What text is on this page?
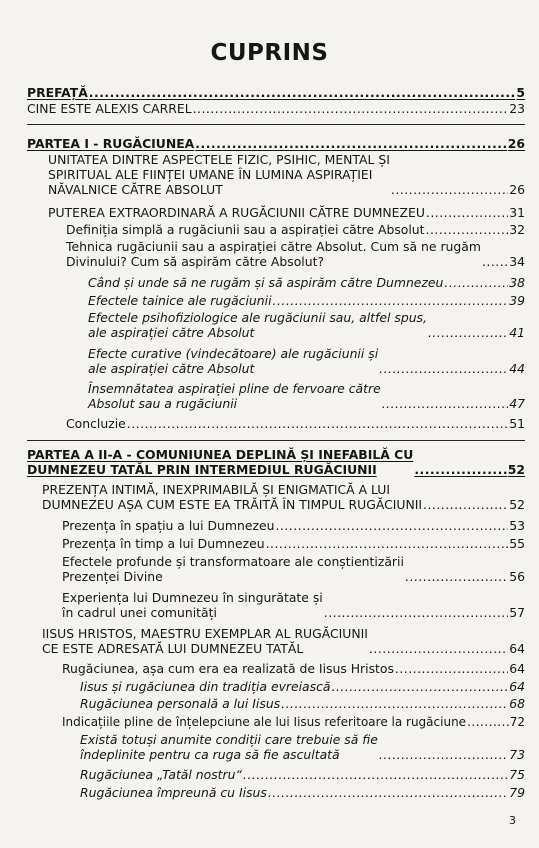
CUPRINS
PREFAȚĂ .....	5
CINE ESTE ALEXIS CARREL .....	23
PARTEA I - RUGĂCIUNEA .....	26
UNITATEA DINTRE ASPECTELE FIZIC, PSIHIC, MENTAL ȘI
SPIRITUAL ALE FIINȚEI UMANE ÎN LUMINA ASPIRAȚIEI
NĂVALNICE CĂTRE ABSOLUT .....	26
PUTEREA EXTRAORDINARĂ A RUGĂCIUNII CĂTRE DUMNEZEU .....	31
Definiția simplă a rugăciunii sau a aspirației către Absolut .....	32
Tehnica rugăciunii sau a aspirației către Absolut. Cum să ne rugăm
Divinului? Cum să aspirăm către Absolut? .....	34
Când și unde să ne rugăm și să aspirăm către Dumnezeu .....	38
Efectele tainice ale rugăciunii .....	39
Efectele psihofiziologice ale rugăciunii sau, altfel spus,
ale aspirației către Absolut .....	41
Efecte curative (vindecătoare) ale rugăciunii și
ale aspirației către Absolut .....	44
Însemnătatea aspirației pline de fervoare către
Absolut sau a rugăciunii .....	47
Concluzie .....	51
PARTEA A II-A - COMUNIUNEA DEPLINĂ ȘI INEFABILĂ CU
DUMNEZEU TATĂL PRIN INTERMEDIUL RUGĂCIUNII .....	52
PREZENȚA INTIMĂ, INEXPRIMABILĂ ȘI ENIGMATICĂ A LUI
DUMNEZEU AȘA CUM ESTE EA TRĂITĂ ÎN TIMPUL RUGĂCIUNII .....	52
Prezența în spațiu a lui Dumnezeu .....	53
Prezența în timp a lui Dumnezeu .....	55
Efectele profunde și transformatoare ale conștientizării
Prezenței Divine .....	56
Experiența lui Dumnezeu în singurătate și
în cadrul unei comunități .....	57
IISUS HRISTOS, MAESTRU EXEMPLAR AL RUGĂCIUNII
CE ESTE ADRESATĂ LUI DUMNEZEU TATĂL .....	64
Rugăciunea, așa cum era ea realizată de Iisus Hristos .....	64
Iisus și rugăciunea din tradiția evreiască .....	64
Rugăciunea personală a lui Iisus .....	68
Indicațiile pline de înțelepciune ale lui Iisus referitoare la rugăciune .....	72
Există totuși anumite condiții care trebuie să fie
îndeplinite pentru ca ruga să fie ascultată .....	73
Rugăciunea „Tatăl nostru“ .....	75
Rugăciunea împreună cu Iisus .....	79
3
